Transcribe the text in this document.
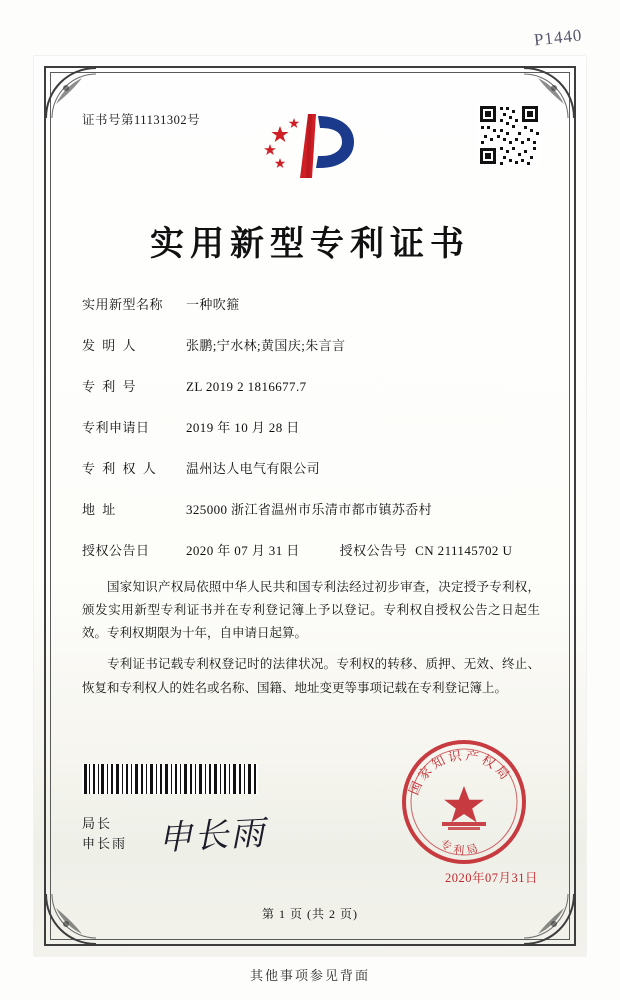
P1440
证书号第11131302号
实用新型专利证书
实用新型名称	一种吹箍
发 明 人	张鹏;宁水林;黄国庆;朱言言
专 利 号	ZL 2019 2 1816677.7
专利申请日	2019 年 10 月 28 日
专 利 权 人	温州达人电气有限公司
地 址	325000 浙江省温州市乐清市都市镇苏岙村
授权公告日	2020 年 07 月 31 日	授权公告号 CN 211145702 U

国家知识产权局依照中华人民共和国专利法经过初步审查，决定授予专利权，颁发实用新型专利证书并在专利登记簿上予以登记。专利权自授权公告之日起生效。专利权期限为十年，自申请日起算。

专利证书记载专利权登记时的法律状况。专利权的转移、质押、无效、终止、恢复和专利权人的姓名或名称、国籍、地址变更等事项记载在专利登记簿上。

国家知识产权局
专利局
2020年07月31日
局长
申长雨 申长雨
第 1 页 (共 2 页)
其他事项参见背面
